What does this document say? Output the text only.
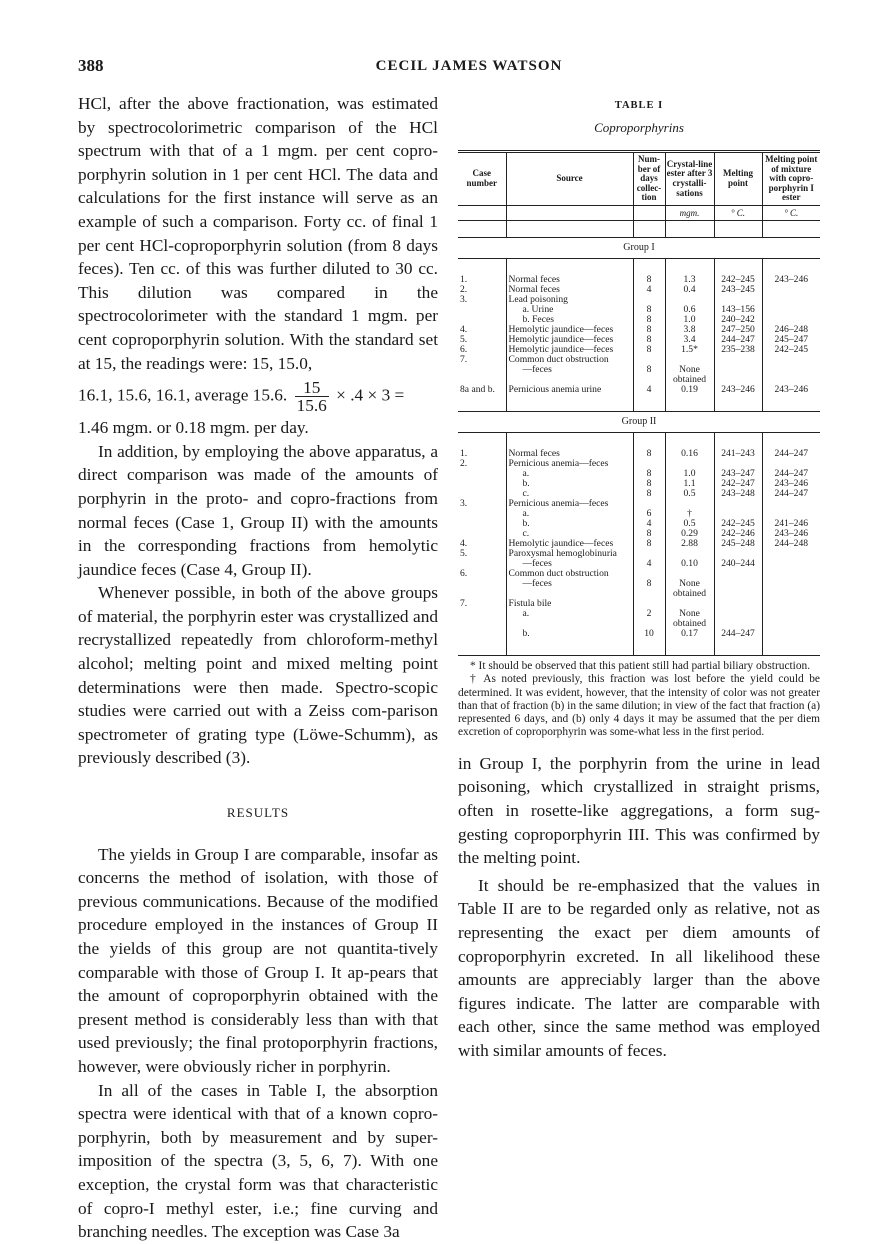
388	CECIL JAMES WATSON

HCl, after the above fractionation, was estimated by spectrocolorimetric comparison of the HCl spectrum with that of a 1 mgm. per cent copro-porphyrin solution in 1 per cent HCl. The data and calculations for the first instance will serve as an example of such a comparison. Forty cc. of final 1 per cent HCl-coproporphyrin solution (from 8 days feces). Ten cc. of this was further diluted to 30 cc. This dilution was compared in the spectrocolorimeter with the standard 1 mgm. per cent coproporphyrin solution. With the standard set at 15, the readings were: 15, 15.0,

16.1, 15.6, 16.1, average 15.6. $\frac{15}{15.6} \times .4 \times 3$ =

1.46 mgm. or 0.18 mgm. per day.

In addition, by employing the above apparatus, a direct comparison was made of the amounts of porphyrin in the proto- and copro-fractions from normal feces (Case 1, Group II) with the amounts in the corresponding fractions from hemolytic jaundice feces (Case 4, Group II).

Whenever possible, in both of the above groups of material, the porphyrin ester was crystallized and recrystallized repeatedly from chloroform-methyl alcohol; melting point and mixed melting point determinations were then made. Spectro-scopic studies were carried out with a Zeiss com-parison spectrometer of grating type (Löwe-Schumm), as previously described (3).

RESULTS

The yields in Group I are comparable, insofar as concerns the method of isolation, with those of previous communications. Because of the modified procedure employed in the instances of Group II the yields of this group are not quantita-tively comparable with those of Group I. It ap-pears that the amount of coproporphyrin obtained with the present method is considerably less than with that used previously; the final protoporphyrin fractions, however, were obviously richer in porphyrin.

In all of the cases in Table I, the absorption spectra were identical with that of a known copro-porphyrin, both by measurement and by super-imposition of the spectra (3, 5, 6, 7). With one exception, the crystal form was that characteristic of copro-I methyl ester, i.e.; fine curving and branching needles. The exception was Case 3a

TABLE I
Coproporphyrins
Case number	Source	Num-ber of days collec-tion	Crystal-line ester after 3 crystalli-sations	Melting point	Melting point of mixture with copro-porphyrin I ester
			mgm.	° C.	° C.

Group I					

1.	Normal feces	8	1.3	242–245	243–246
2.	Normal feces	4	0.4	243–245	
3.	Lead poisoning				
	a. Urine	8	0.6	143–156	
	b. Feces	8	1.0	240–242	
4.	Hemolytic jaundice—feces	8	3.8	247–250	246–248
5.	Hemolytic jaundice—feces	8	3.4	244–247	245–247
6.	Hemolytic jaundice—feces	8	1.5*	235–238	242–245
7.	Common duct obstruction				
	—feces	8	None		
			obtained		
8a and b.	Pernicious anemia urine	4	0.19	243–246	243–246

Group II					

1.	Normal feces	8	0.16	241–243	244–247
2.	Pernicious anemia—feces				
	a.	8	1.0	243–247	244–247
	b.	8	1.1	242–247	243–246
	c.	8	0.5	243–248	244–247
3.	Pernicious anemia—feces				
	a.	6	†		
	b.	4	0.5	242–245	241–246
	c.	8	0.29	242–246	243–246
4.	Hemolytic jaundice—feces	8	2.88	245–248	244–248
5.	Paroxysmal hemoglobinuria				
	—feces	4	0.10	240–244	
6.	Common duct obstruction				
	—feces	8	None		
			obtained		
7.	Fistula bile				
	a.	2	None		
			obtained		
	b.	10	0.17	244–247	

* It should be observed that this patient still had partial biliary obstruction.

† As noted previously, this fraction was lost before the yield could be determined. It was evident, however, that the intensity of color was not greater than that of fraction (b) in the same dilution; in view of the fact that fraction (a) represented 6 days, and (b) only 4 days it may be assumed that the per diem excretion of coproporphyrin was some-what less in the first period.

in Group I, the porphyrin from the urine in lead poisoning, which crystallized in straight prisms, often in rosette-like aggregations, a form sug-gesting coproporphyrin III. This was confirmed by the melting point.

It should be re-emphasized that the values in Table II are to be regarded only as relative, not as representing the exact per diem amounts of coproporphyrin excreted. In all likelihood these amounts are appreciably larger than the above figures indicate. The latter are comparable with each other, since the same method was employed with similar amounts of feces.
